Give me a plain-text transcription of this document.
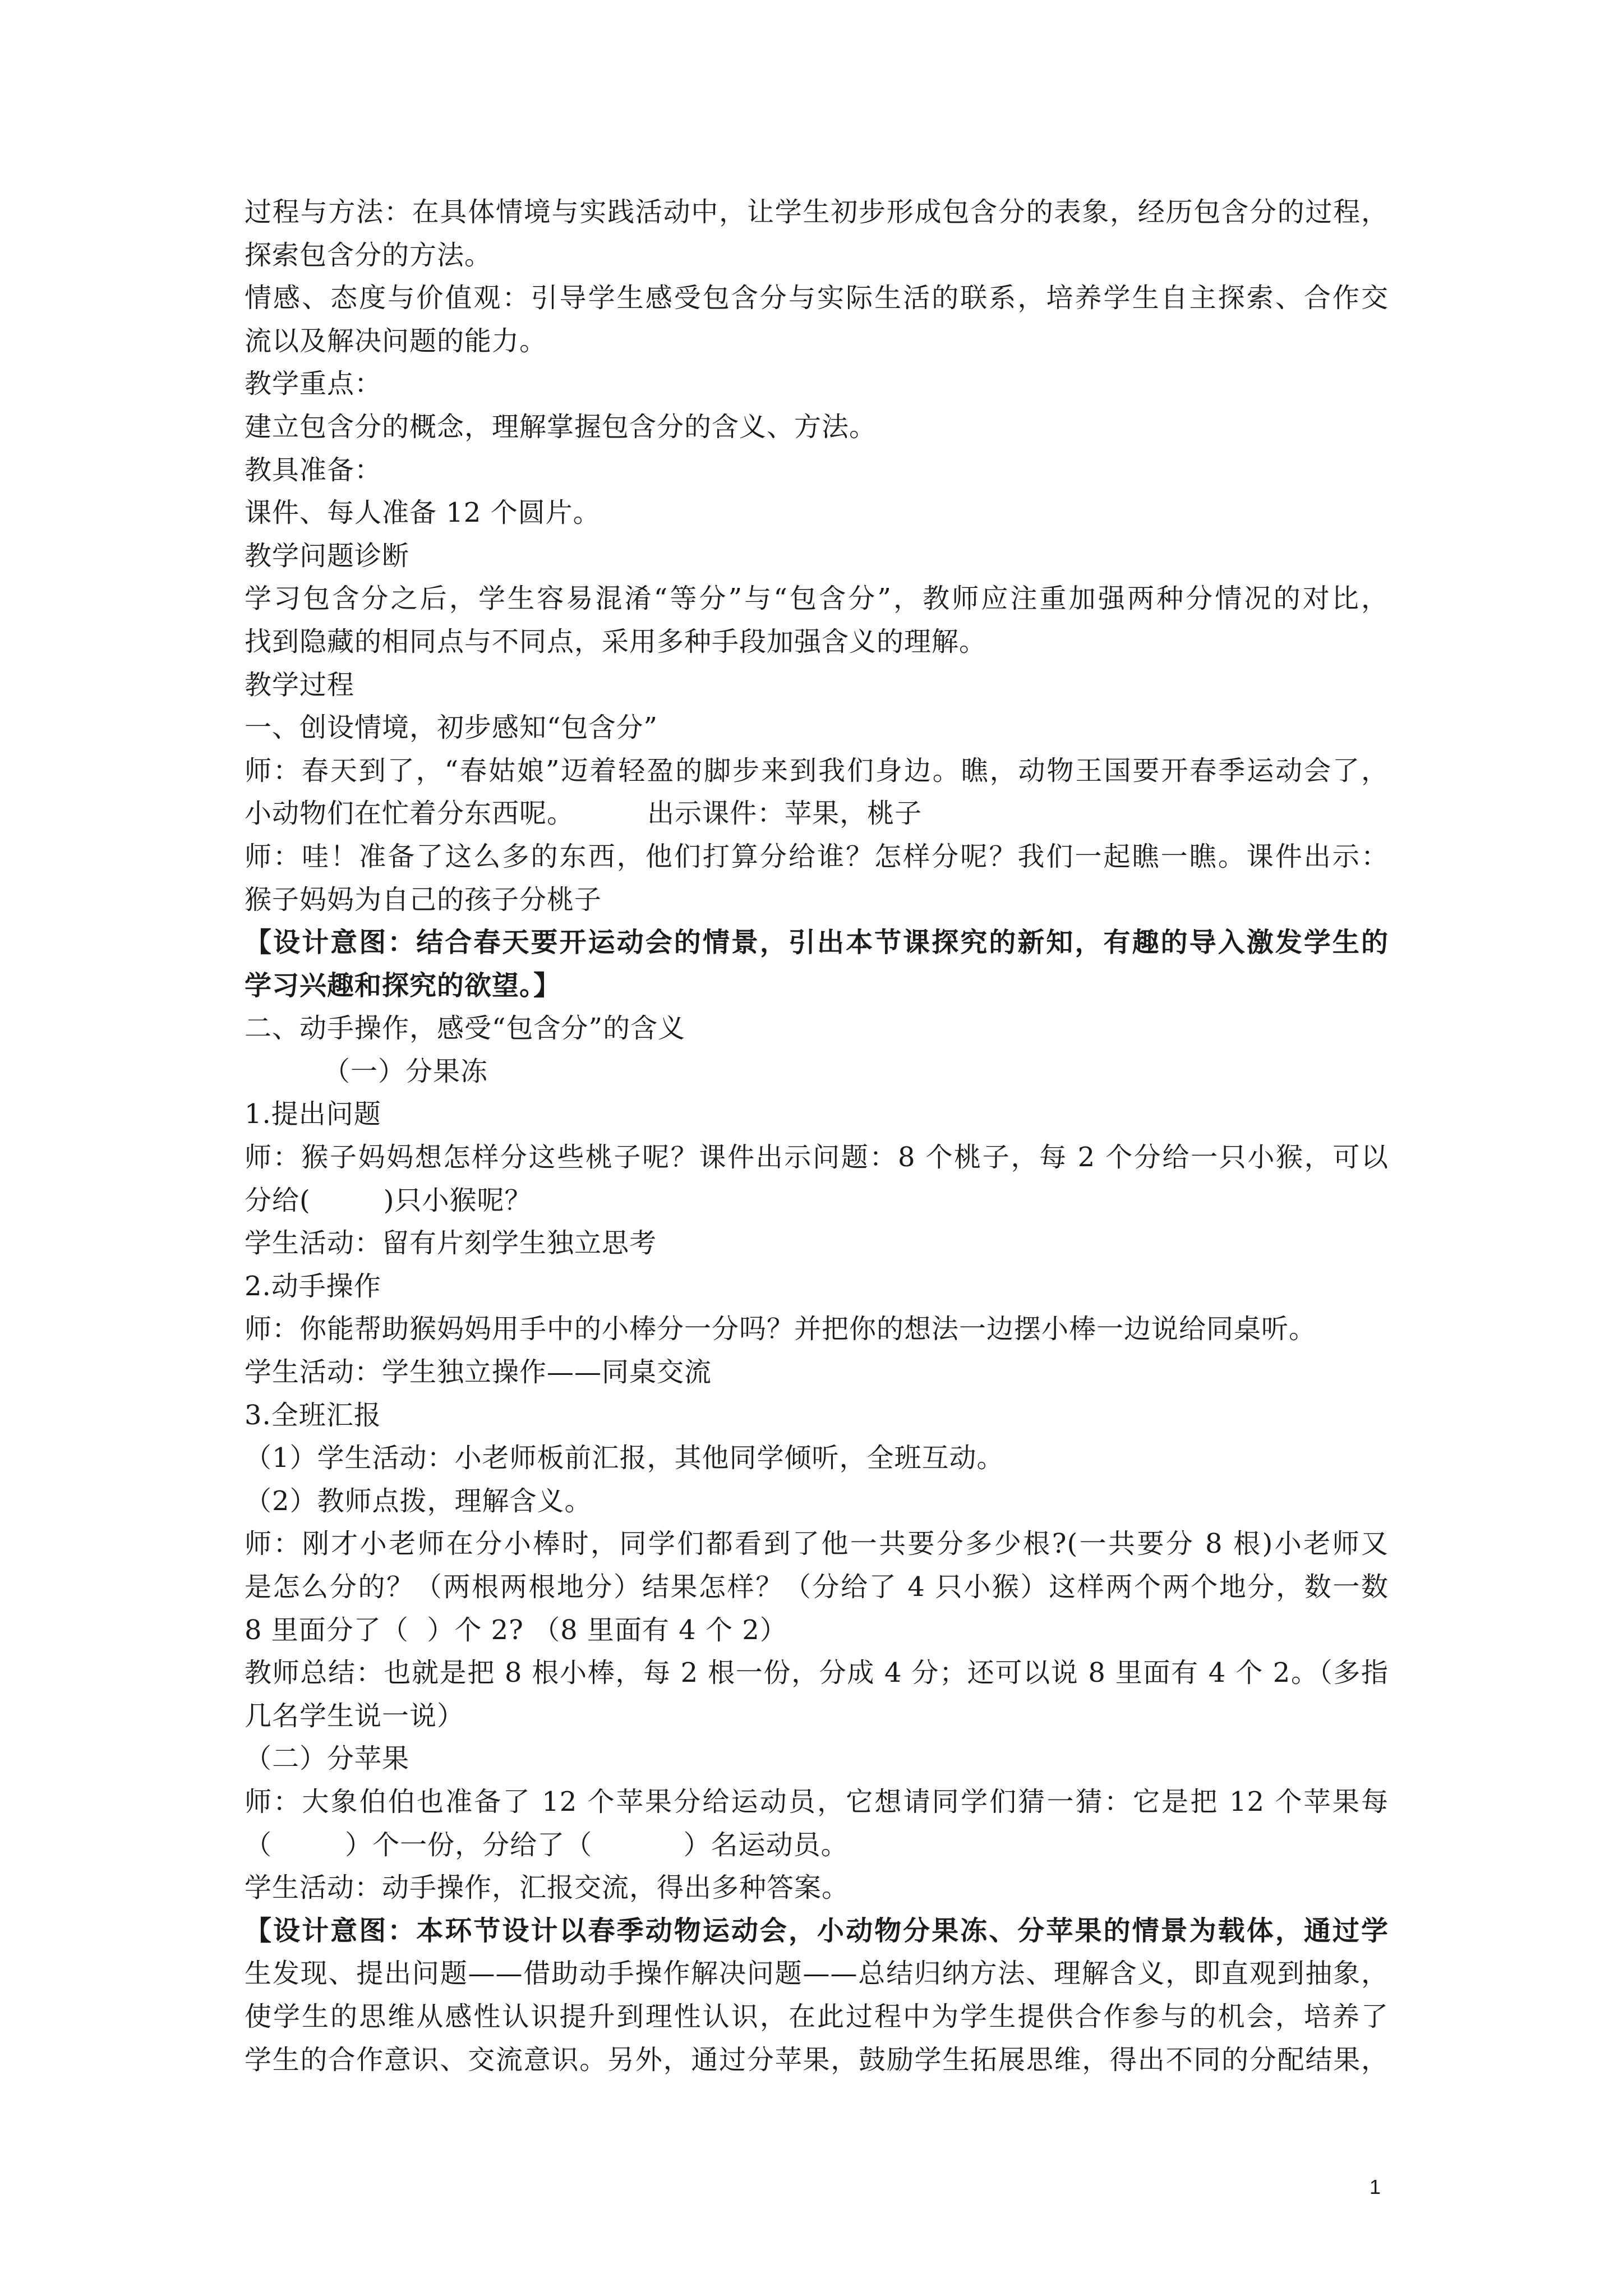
过程与方法：在具体情境与实践活动中，让学生初步形成包含分的表象，经历包含分的过程，

探索包含分的方法。

情感、态度与价值观：引导学生感受包含分与实际生活的联系，培养学生自主探索、合作交

流以及解决问题的能力。

教学重点：

建立包含分的概念，理解掌握包含分的含义、方法。

教具准备：

课件、每人准备 12 个圆片。

教学问题诊断

学习包含分之后，学生容易混淆“等分”与“包含分”，教师应注重加强两种分情况的对比，

找到隐藏的相同点与不同点，采用多种手段加强含义的理解。

教学过程

一、创设情境，初步感知“包含分”

师：春天到了，“春姑娘”迈着轻盈的脚步来到我们身边。瞧，动物王国要开春季运动会了，

小动物们在忙着分东西呢。        出示课件：苹果，桃子

师：哇！准备了这么多的东西，他们打算分给谁？怎样分呢？我们一起瞧一瞧。课件出示：

猴子妈妈为自己的孩子分桃子

【设计意图：结合春天要开运动会的情景，引出本节课探究的新知，有趣的导入激发学生的

学习兴趣和探究的欲望。】

二、动手操作，感受“包含分”的含义

（一）分果冻

1.提出问题

师：猴子妈妈想怎样分这些桃子呢？课件出示问题：8 个桃子，每 2 个分给一只小猴，可以

分给(        )只小猴呢？

学生活动：留有片刻学生独立思考

2.动手操作

师：你能帮助猴妈妈用手中的小棒分一分吗？并把你的想法一边摆小棒一边说给同桌听。

学生活动：学生独立操作——同桌交流

3.全班汇报

（1）学生活动：小老师板前汇报，其他同学倾听，全班互动。

（2）教师点拨，理解含义。

师：刚才小老师在分小棒时，同学们都看到了他一共要分多少根?(一共要分 8 根)小老师又

是怎么分的？（两根两根地分）结果怎样？（分给了 4 只小猴）这样两个两个地分，数一数

8 里面分了（  ）个 2? （8 里面有 4 个 2）

教师总结：也就是把 8 根小棒，每 2 根一份，分成 4 分；还可以说 8 里面有 4 个 2。（多指

几名学生说一说）

（二）分苹果

师：大象伯伯也准备了 12 个苹果分给运动员，它想请同学们猜一猜：它是把 12 个苹果每

（        ）个一份，分给了（          ）名运动员。

学生活动：动手操作，汇报交流，得出多种答案。

【设计意图：本环节设计以春季动物运动会，小动物分果冻、分苹果的情景为载体，通过学

生发现、提出问题——借助动手操作解决问题——总结归纳方法、理解含义，即直观到抽象，

使学生的思维从感性认识提升到理性认识，在此过程中为学生提供合作参与的机会，培养了

学生的合作意识、交流意识。另外，通过分苹果，鼓励学生拓展思维，得出不同的分配结果，

1
